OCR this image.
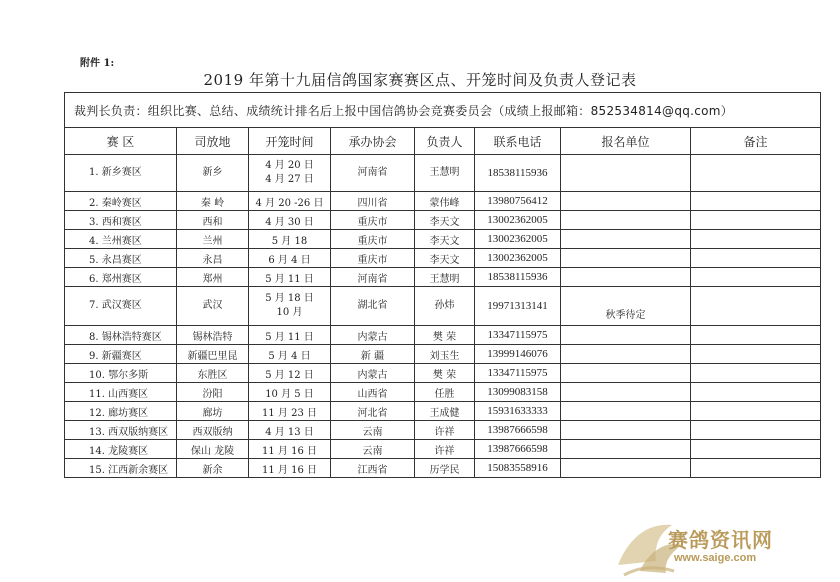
附件 1:
2019 年第十九届信鸽国家赛赛区点、开笼时间及负责人登记表
裁判长负责：组织比赛、总结、成绩统计排名后上报中国信鸽协会竞赛委员会（成绩上报邮箱：852534814@qq.com）							
赛 区	司放地	开笼时间	承办协会	负责人	联系电话	报名单位	备注
1. 新乡赛区	新乡	4 月 20 日
4 月 27 日	河南省	王慧明	18538115936		
2. 秦岭赛区	秦 岭	4 月 20 -26 日	四川省	蒙伟峰	13980756412		
3. 西和赛区	西和	4 月 30 日	重庆市	李天文	13002362005		
4. 兰州赛区	兰州	5 月 18	重庆市	李天文	13002362005		
5. 永昌赛区	永昌	6 月 4 日	重庆市	李天文	13002362005		
6. 郑州赛区	郑州	5 月 11 日	河南省	王慧明	18538115936		
7. 武汉赛区	武汉	5 月 18 日
10 月	湖北省	孙炜	19971313141	秋季待定	
8. 锡林浩特赛区	锡林浩特	5 月 11 日	内蒙古	樊 荣	13347115975		
9. 新疆赛区	新疆巴里昆	5 月 4 日	新 疆	刘玉生	13999146076		
10. 鄂尔多斯	东胜区	5 月 12 日	内蒙古	樊 荣	13347115975		
11. 山西赛区	汾阳	10 月 5 日	山西省	任胜	13099083158		
12. 廊坊赛区	廊坊	11 月 23 日	河北省	王成健	15931633333		
13. 西双版纳赛区	西双版纳	4 月 13 日	云南	许祥	13987666598		
14. 龙陵赛区	保山 龙陵	11 月 16 日	云南	许祥	13987666598		
15. 江西新余赛区	新余	11 月 16 日	江西省	历学民	15083558916		
赛鸽资讯网
www.saige.com
